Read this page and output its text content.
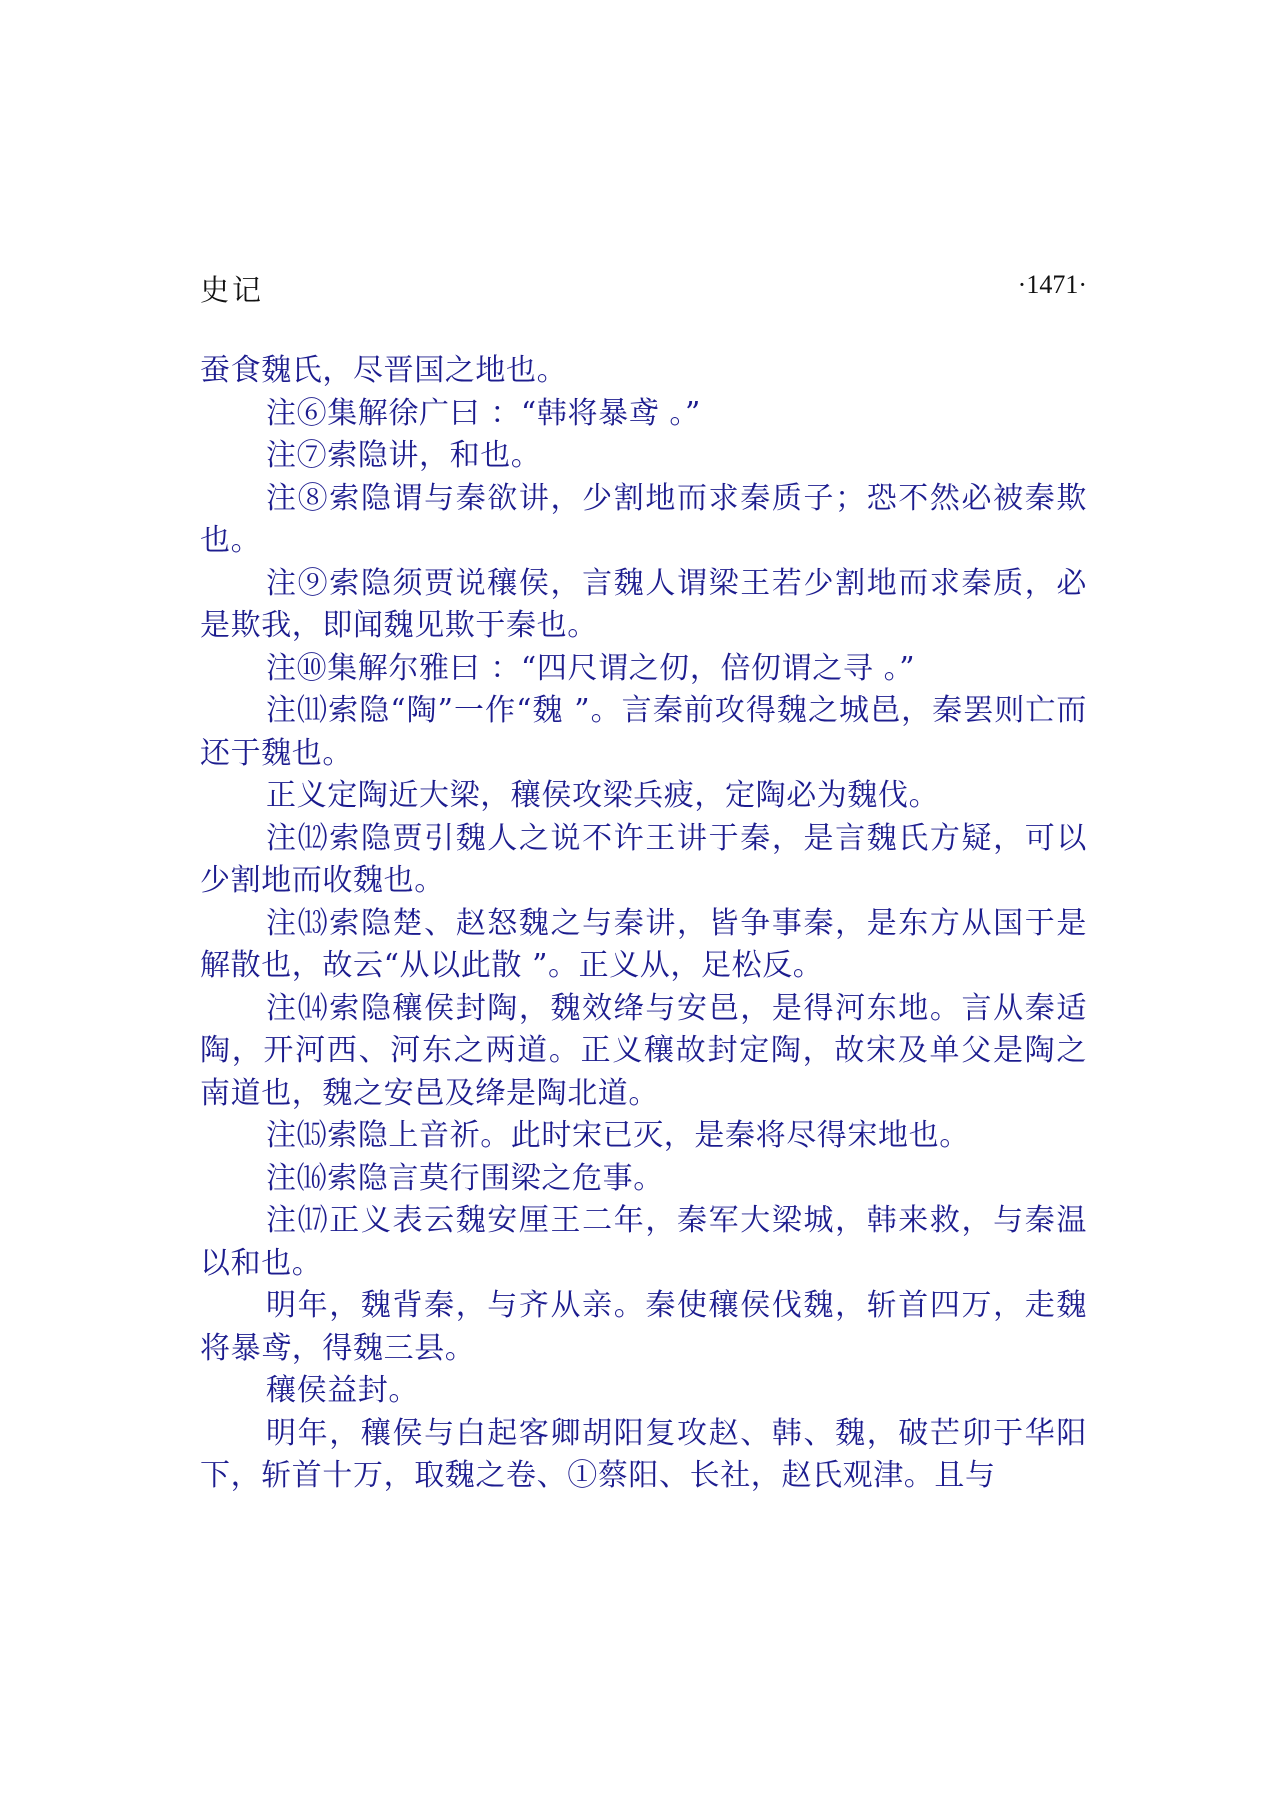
史记	·1471·

蚕食魏氏，尽晋国之地也。

注⑥集解徐广曰 ：“韩将暴鸢 。”

注⑦索隐讲，和也。

注⑧索隐谓与秦欲讲，少割地而求秦质子；恐不然必被秦欺也。

注⑨索隐须贾说穰侯，言魏人谓梁王若少割地而求秦质，必是欺我，即闻魏见欺于秦也。

注⑩集解尔雅曰 ：“四尺谓之仞，倍仞谓之寻 。”

注⑾索隐“陶”一作“魏 ”。言秦前攻得魏之城邑，秦罢则亡而还于魏也。

正义定陶近大梁，穰侯攻梁兵疲，定陶必为魏伐。

注⑿索隐贾引魏人之说不许王讲于秦，是言魏氏方疑，可以少割地而收魏也。

注⒀索隐楚、赵怒魏之与秦讲，皆争事秦，是东方从国于是解散也，故云“从以此散 ”。正义从，足松反。

注⒁索隐穰侯封陶，魏效绛与安邑，是得河东地。言从秦适陶，开河西、河东之两道。正义穰故封定陶，故宋及单父是陶之南道也，魏之安邑及绛是陶北道。

注⒂索隐上音祈。此时宋已灭，是秦将尽得宋地也。

注⒃索隐言莫行围梁之危事。

注⒄正义表云魏安厘王二年，秦军大梁城，韩来救，与秦温以和也。

明年，魏背秦，与齐从亲。秦使穰侯伐魏，斩首四万，走魏将暴鸢，得魏三县。

穰侯益封。

明年，穰侯与白起客卿胡阳复攻赵、韩、魏，破芒卯于华阳下，斩首十万，取魏之卷、①蔡阳、长社，赵氏观津。且与
